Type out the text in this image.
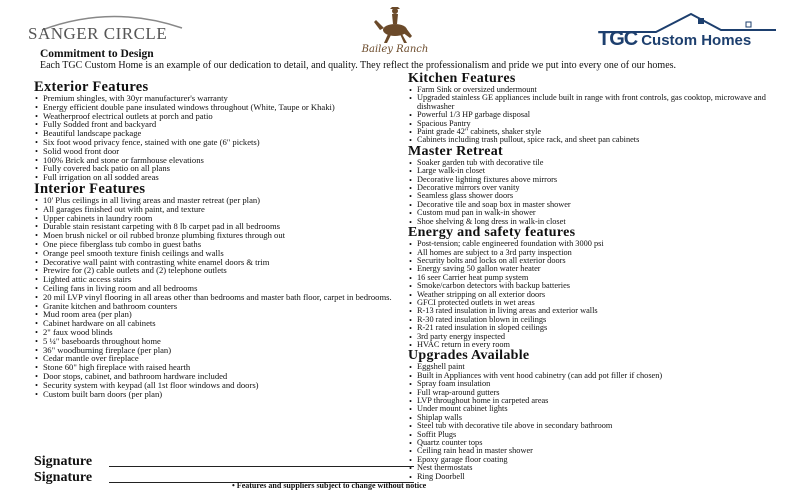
SANGER CIRCLE
Bailey Ranch	TGC Custom Homes
Commitment to Design

Each TGC Custom Home is an example of our dedication to detail, and quality. They reflect the professionalism and pride we put into every one of our homes.

Exterior Features
• Premium shingles, with 30yr manufacturer's warranty
• Energy efficient double pane insulated windows throughout (White, Taupe or Khaki)
• Weatherproof electrical outlets at porch and patio
• Fully Sodded front and backyard
• Beautiful landscape package
• Six foot wood privacy fence, stained with one gate (6" pickets)
• Solid wood front door
• 100% Brick and stone or farmhouse elevations
• Fully covered back patio on all plans
• Full irrigation on all sodded areas
Interior Features
• 10' Plus ceilings in all living areas and master retreat (per plan)
• All garages finished out with paint, and texture
• Upper cabinets in laundry room
• Durable stain resistant carpeting with 8 lb carpet pad in all bedrooms
• Moen brush nickel or oil rubbed bronze plumbing fixtures through out
• One piece fiberglass tub combo in guest baths
• Orange peel smooth texture finish ceilings and walls
• Decorative wall paint with contrasting white enamel doors & trim
• Prewire for (2) cable outlets and (2) telephone outlets
• Lighted attic access stairs
• Ceiling fans in living room and all bedrooms
• 20 mil LVP vinyl flooring in all areas other than bedrooms and master bath floor, carpet in bedrooms.
• Granite kitchen and bathroom counters
• Mud room area (per plan)
• Cabinet hardware on all cabinets
• 2" faux wood blinds
• 5 ¼" baseboards throughout home
• 36" woodburning fireplace (per plan)
• Cedar mantle over fireplace
• Stone 60" high fireplace with raised hearth
• Door stops, cabinet, and bathroom hardware included
• Security system with keypad (all 1st floor windows and doors)
• Custom built barn doors (per plan)
Kitchen Features
• Farm Sink or oversized undermount
• Upgraded stainless GE appliances include built in range with front controls, gas cooktop, microwave and dishwasher
• Powerful 1/3 HP garbage disposal
• Spacious Pantry
• Paint grade 42" cabinets, shaker style
• Cabinets including trash pullout, spice rack, and sheet pan cabinets
Master Retreat
• Soaker garden tub with decorative tile
• Large walk-in closet
• Decorative lighting fixtures above mirrors
• Decorative mirrors over vanity
• Seamless glass shower doors
• Decorative tile and soap box in master shower
• Custom mud pan in walk-in shower
• Shoe shelving & long dress in walk-in closet
Energy and safety features
• Post-tension; cable engineered foundation with 3000 psi
• All homes are subject to a 3rd party inspection
• Security bolts and locks on all exterior doors
• Energy saving 50 gallon water heater
• 16 seer Carrier heat pump system
• Smoke/carbon detectors with backup batteries
• Weather stripping on all exterior doors
• GFCI protected outlets in wet areas
• R-13 rated insulation in living areas and exterior walls
• R-30 rated insulation blown in ceilings
• R-21 rated insulation in sloped ceilings
• 3rd party energy inspected
• HVAC return in every room
Upgrades Available
• Eggshell paint
• Built in Appliances with vent hood cabinetry (can add pot filler if chosen)
• Spray foam insulation
• Full wrap-around gutters
• LVP throughout home in carpeted areas
• Under mount cabinet lights
• Shiplap walls
• Steel tub with decorative tile above in secondary bathroom
• Soffit Plugs
• Quartz counter tops
• Ceiling rain head in master shower
• Epoxy garage floor coating
• Nest thermostats
• Ring Doorbell
Signature
Signature
• Features and suppliers subject to change without notice
